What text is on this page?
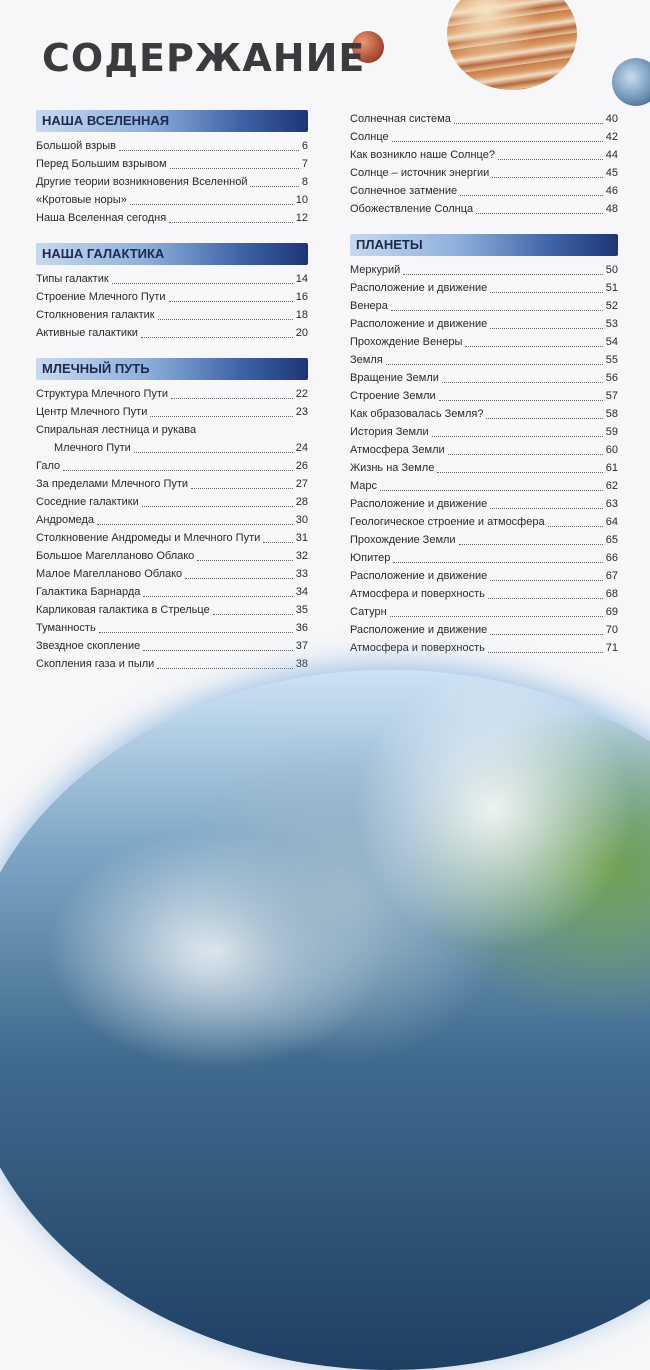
СОДЕРЖАНИЕ
НАША ВСЕЛЕННАЯ
Большой взрыв	6
Перед Большим взрывом	7
Другие теории возникновения Вселенной	8
«Кротовые норы»	10
Наша Вселенная сегодня	12
НАША ГАЛАКТИКА
Типы галактик	14
Строение Млечного Пути	16
Столкновения галактик	18
Активные галактики	20
МЛЕЧНЫЙ ПУТЬ
Структура Млечного Пути	22
Центр Млечного Пути	23
Спиральная лестница и рукава
Млечного Пути	24
Гало	26
За пределами Млечного Пути	27
Соседние галактики	28
Андромеда	30
Столкновение Андромеды и Млечного Пути	31
Большое Магелланово Облако	32
Малое Магелланово Облако	33
Галактика Барнарда	34
Карликовая галактика в Стрельце	35
Туманность	36
Звездное скопление	37
Скопления газа и пыли	38
Солнечная система	40
Солнце	42
Как возникло наше Солнце?	44
Солнце – источник энергии	45
Солнечное затмение	46
Обожествление Солнца	48
ПЛАНЕТЫ
Меркурий	50
Расположение и движение	51
Венера	52
Расположение и движение	53
Прохождение Венеры	54
Земля	55
Вращение Земли	56
Строение Земли	57
Как образовалась Земля?	58
История Земли	59
Атмосфера Земли	60
Жизнь на Земле	61
Марс	62
Расположение и движение	63
Геологическое строение и атмосфера	64
Прохождение Земли	65
Юпитер	66
Расположение и движение	67
Атмосфера и поверхность	68
Сатурн	69
Расположение и движение	70
Атмосфера и поверхность	71
